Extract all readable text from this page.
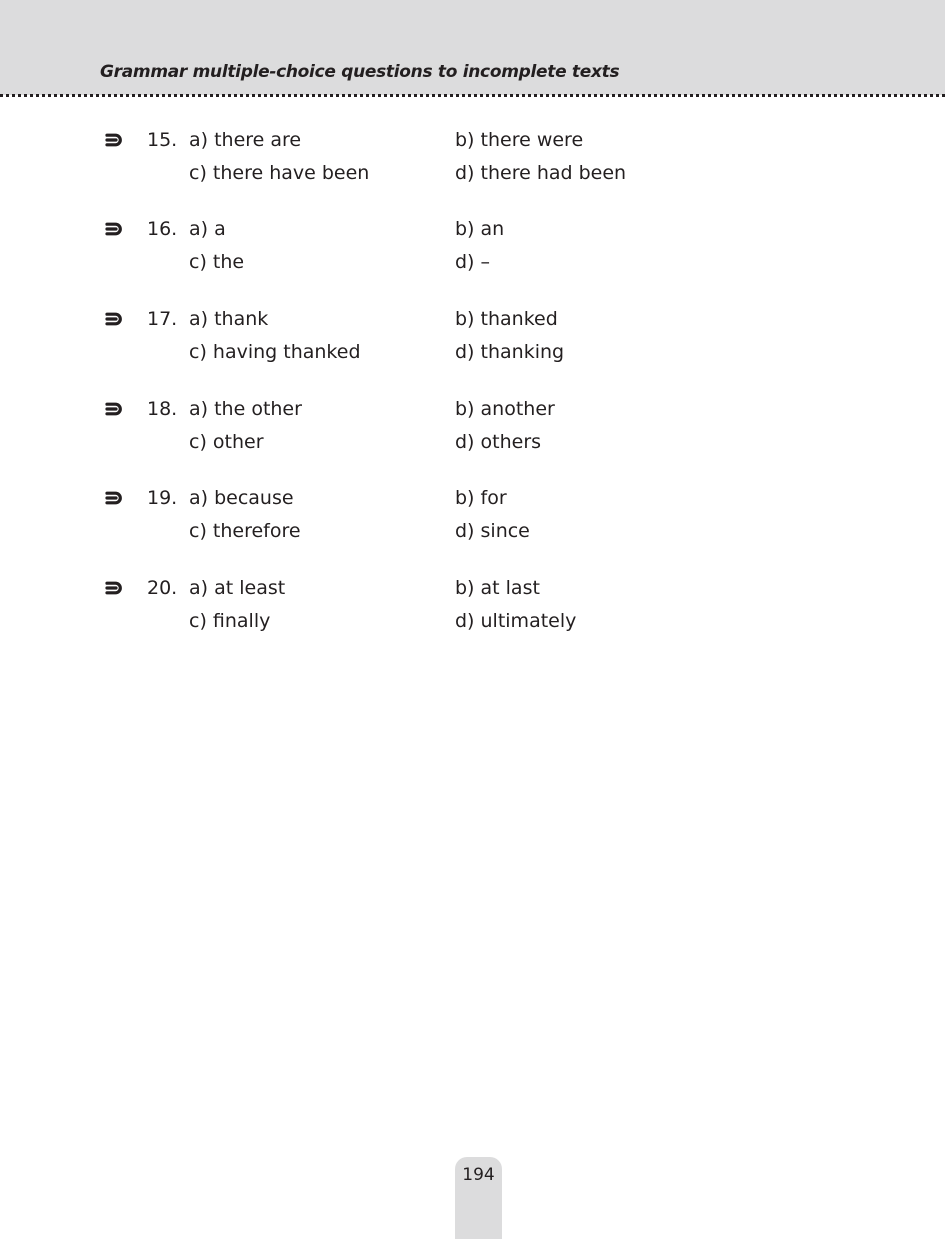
Grammar multiple-choice questions to incomplete texts
15. a) there are	b) there were
c) there have been	d) there had been
16. a) a	b) an
c) the	d) –
17. a) thank	b) thanked
c) having thanked	d) thanking
18. a) the other	b) another
c) other	d) others
19. a) because	b) for
c) therefore	d) since
20. a) at least	b) at last
c) finally	d) ultimately
194
